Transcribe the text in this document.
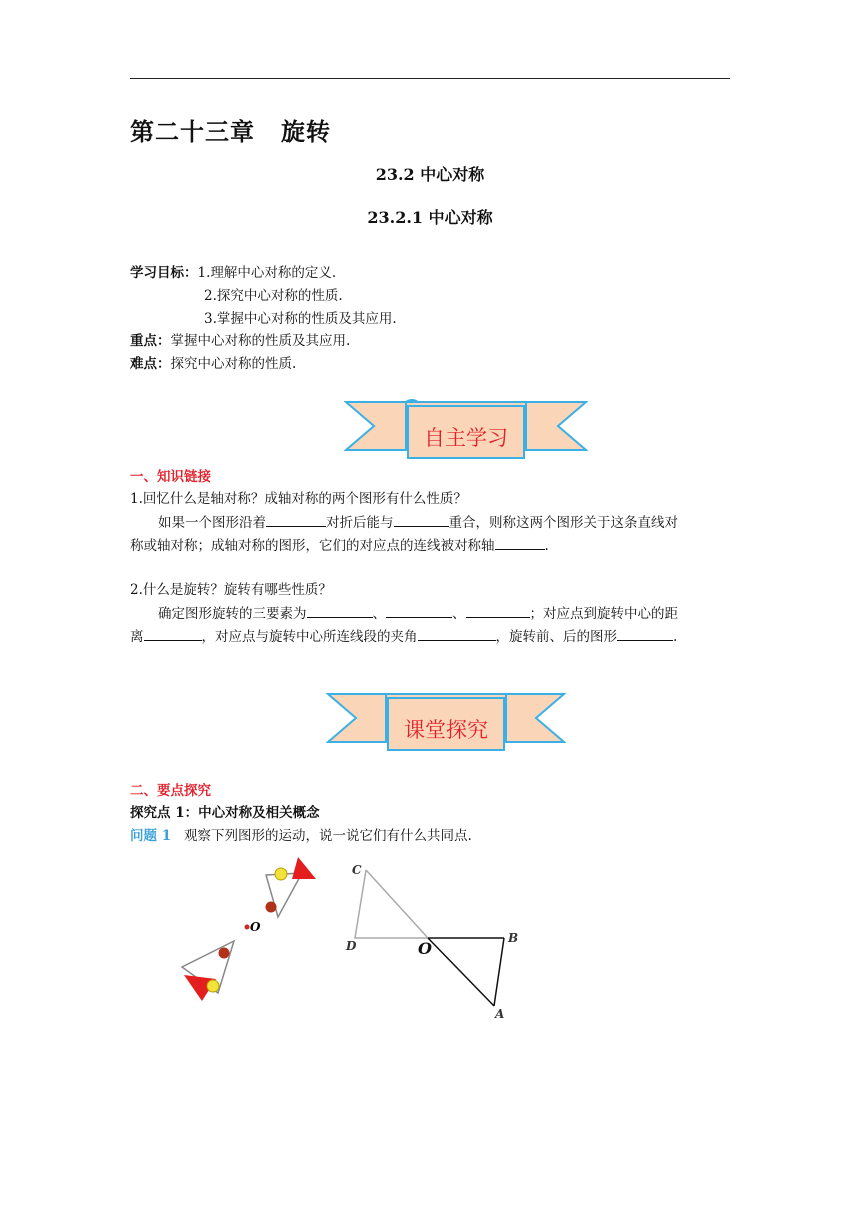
第二十三章 旋转
23.2 中心对称
23.2.1 中心对称
学习目标：1.理解中心对称的定义.
2.探究中心对称的性质.
3.掌握中心对称的性质及其应用.
重点：掌握中心对称的性质及其应用.
难点：探究中心对称的性质.
自主学习
一、知识链接
1.回忆什么是轴对称？成轴对称的两个图形有什么性质？
如果一个图形沿着	对折后能与	重合，则称这两个图形关于这条直线对
称或轴对称；成轴对称的图形，它们的对应点的连线被对称轴	.
2.什么是旋转？旋转有哪些性质？
确定图形旋转的三要素为	、	、	；对应点到旋转中心的距
离	，对应点与旋转中心所连线段的夹角	，旋转前、后的图形	.
课堂探究
二、要点探究
探究点 1：中心对称及相关概念
问题 1 观察下列图形的运动，说一说它们有什么共同点.
O
C
D	O
B
A
